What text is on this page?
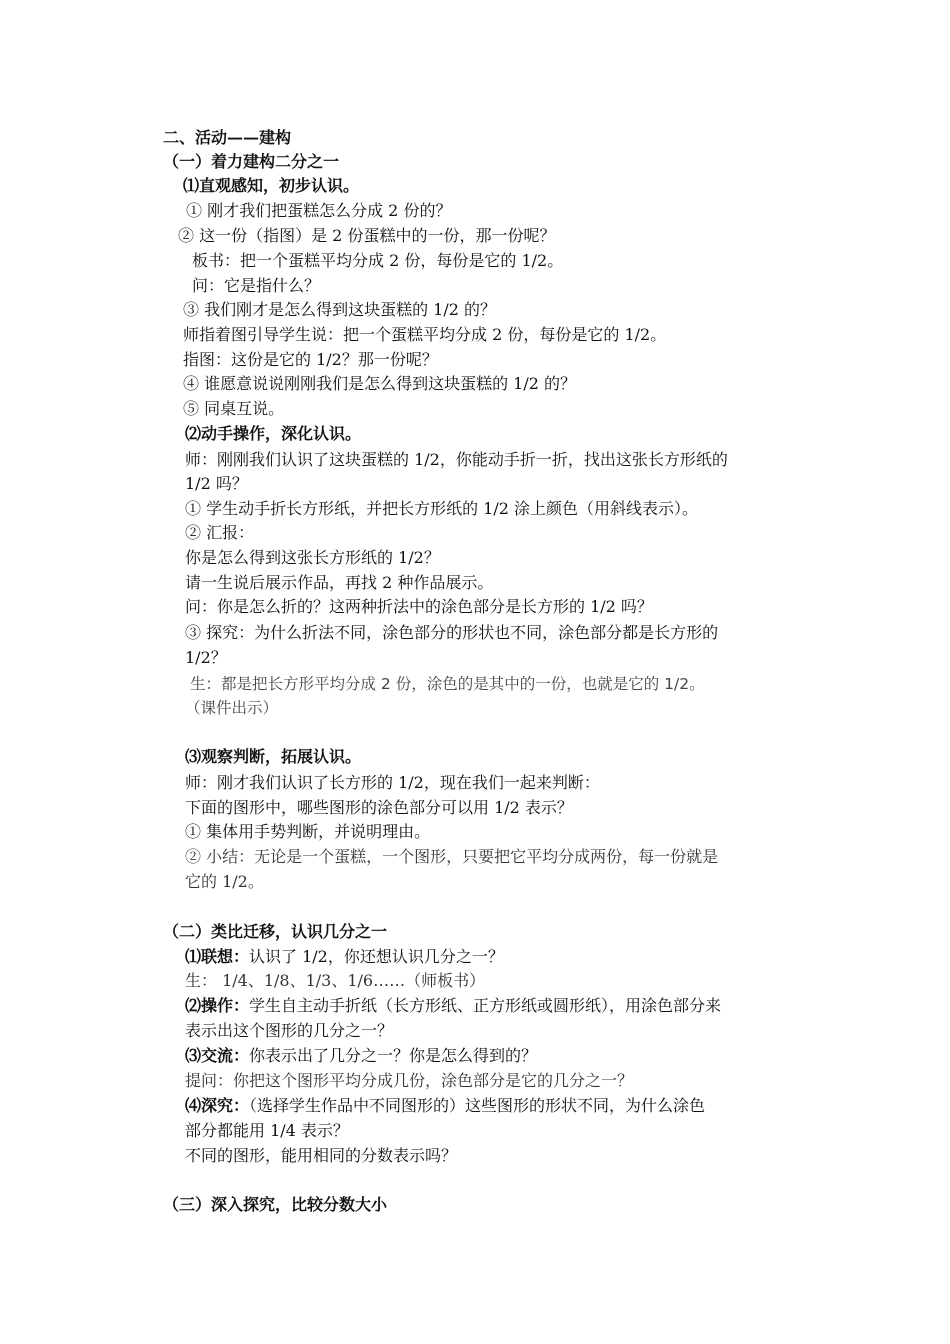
二、活动——建构
（一）着力建构二分之一
⑴直观感知，初步认识。
① 刚才我们把蛋糕怎么分成 2 份的？
② 这一份（指图）是 2 份蛋糕中的一份，那一份呢？
板书：把一个蛋糕平均分成 2 份，每份是它的 1/2。
问：它是指什么？
③ 我们刚才是怎么得到这块蛋糕的 1/2 的？
师指着图引导学生说：把一个蛋糕平均分成 2 份，每份是它的 1/2。
指图：这份是它的 1/2？那一份呢？
④ 谁愿意说说刚刚我们是怎么得到这块蛋糕的 1/2 的？
⑤ 同桌互说。
⑵动手操作，深化认识。
师：刚刚我们认识了这块蛋糕的 1/2，你能动手折一折，找出这张长方形纸的
1/2 吗？
① 学生动手折长方形纸，并把长方形纸的 1/2 涂上颜色（用斜线表示）。
② 汇报：
你是怎么得到这张长方形纸的 1/2？
请一生说后展示作品，再找 2 种作品展示。
问：你是怎么折的？这两种折法中的涂色部分是长方形的 1/2 吗？
③ 探究：为什么折法不同，涂色部分的形状也不同，涂色部分都是长方形的
1/2？
生：都是把长方形平均分成 2 份，涂色的是其中的一份，也就是它的 1/2。
（课件出示）
⑶观察判断，拓展认识。
师：刚才我们认识了长方形的 1/2，现在我们一起来判断：
下面的图形中，哪些图形的涂色部分可以用 1/2 表示？
① 集体用手势判断，并说明理由。
② 小结：无论是一个蛋糕，一个图形，只要把它平均分成两份，每一份就是
它的 1/2。
（二）类比迁移，认识几分之一
⑴联想：认识了 1/2，你还想认识几分之一？
生： 1/4、1/8、1/3、1/6……（师板书）
⑵操作：学生自主动手折纸（长方形纸、正方形纸或圆形纸），用涂色部分来
表示出这个图形的几分之一？
⑶交流：你表示出了几分之一？你是怎么得到的？
提问：你把这个图形平均分成几份，涂色部分是它的几分之一？
⑷深究：（选择学生作品中不同图形的）这些图形的形状不同，为什么涂色
部分都能用 1/4 表示？
不同的图形，能用相同的分数表示吗？
（三）深入探究，比较分数大小
